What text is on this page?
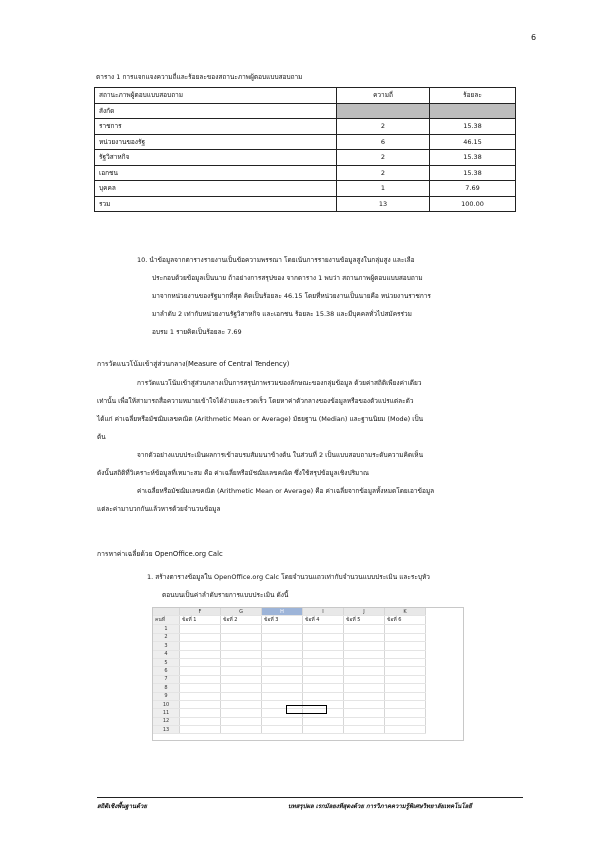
6
ตาราง 1 การแจกแจงความถี่และร้อยละของสถานะภาพผู้ตอบแบบสอบถาม
สถานะภาพผู้ตอบแบบสอบถาม	ความถี่	ร้อยละ
สังกัด		
ราชการ	2	15.38
หน่วยงานของรัฐ	6	46.15
รัฐวิสาหกิจ	2	15.38
เอกชน	2	15.38
บุคคล	1	7.69
รวม	13	100.00
10. นำข้อมูลจากตารางรายงานเป็นข้อความพรรณา โดยเน้นการรายงานข้อมูลสูงในกลุ่มสูง และเลือ
ประกอบด้วยข้อมูลเป็นนาย ถ้าอย่างการสรุปของ จากตาราง 1 พบว่า สถานภาพผู้ตอบแบบสอบถาม
มาจากหน่วยงานของรัฐมากที่สุด คิดเป็นร้อยละ 46.15 โดยที่หน่วยงานเป็นนายคือ หน่วยงานราชการ
มาลำดับ 2 เท่ากับหน่วยงานรัฐวิสาหกิจ และเอกชน ร้อยละ 15.38 และมีบุคคลทั่วไปสมัครร่วม
อบรม 1 รายคิดเป็นร้อยละ 7.69
การวัดแนวโน้มเข้าสู่ส่วนกลาง(Measure of Central Tendency)
การวัดแนวโน้มเข้าสู่ส่วนกลางเป็นการสรุปภาพรวมของลักษณะของกลุ่มข้อมูล ด้วยค่าสถิติเพียงค่าเดียว
เท่านั้น เพื่อให้สามารถสื่อความหมายเข้าใจได้ง่ายและรวดเร็ว โดยหาค่าตัวกลางของข้อมูลหรือของตัวแปรแต่ละตัว
ได้แก่ ค่าเฉลี่ยหรือมัชฌิมเลขคณิต (Arithmetic Mean or Average) มัธยฐาน (Median) และฐานนิยม (Mode) เป็น
ต้น
จากตัวอย่างแบบประเมินผลการเข้าอบรมสัมมนาข้างต้น ในส่วนที่ 2 เป็นแบบสอบถามระดับความคิดเห็น
ดังนั้นสถิติที่วิเคราะห์ข้อมูลที่เหมาะสม คือ ค่าเฉลี่ยหรือมัชฌิมเลขคณิต ซึ่งใช้สรุปข้อมูลเชิงปริมาณ
ค่าเฉลี่ยหรือมัชฌิมเลขคณิต (Arithmetic Mean or Average) คือ ค่าเฉลี่ยจากข้อมูลทั้งหมดโดยเอาข้อมูล
แต่ละค่ามาบวกกันแล้วหารด้วยจำนวนข้อมูล
การหาค่าเฉลี่ยด้วย OpenOffice.org Calc
1. สร้างตารางข้อมูลใน OpenOffice.org Calc โดยจำนวนแถวเท่ากับจำนวนแบบประเมิน และระบุหัว
ตอนบนเป็นค่าลำดับรายการแบบประเมิน ดังนี้
	F	G	H	I	J	K
คนที่	ข้อที่ 1	ข้อที่ 2	ข้อที่ 3	ข้อที่ 4	ข้อที่ 5	ข้อที่ 6
1						
2						
3						
4						
5						
6						
7						
8						
9						
10						
11						
12						
13						
สถิติเชิงพื้นฐานด้วย	บทสรุปผล เรกมัลยงทีสุดงด้วย การวิภาคความรู้พิเศษวิทยาลัยเทคโนโลยี
